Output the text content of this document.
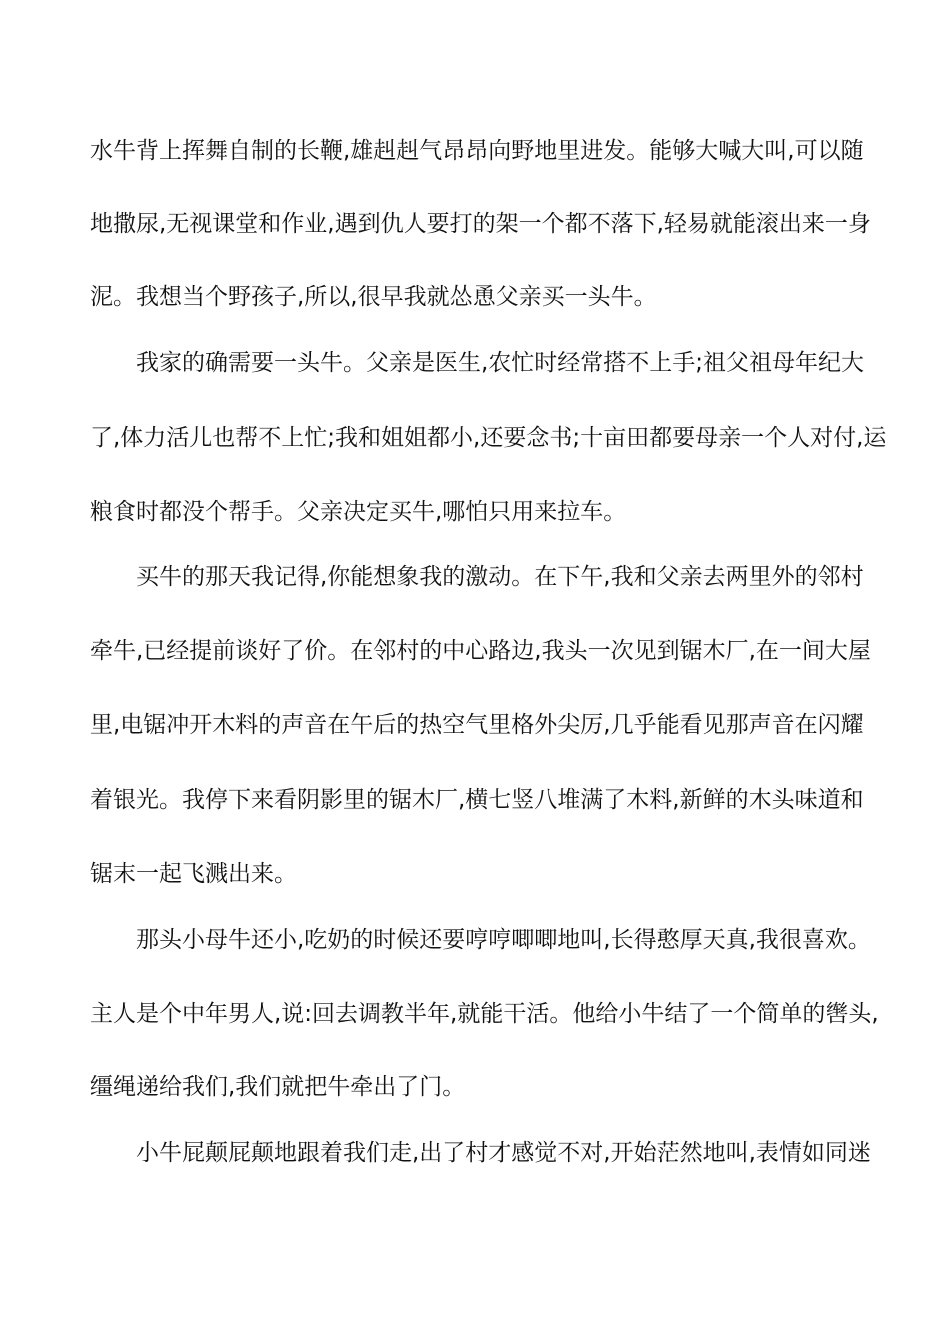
水牛背上挥舞自制的长鞭,雄赳赳气昂昂向野地里进发。能够大喊大叫,可以随
地撒尿,无视课堂和作业,遇到仇人要打的架一个都不落下,轻易就能滚出来一身
泥。我想当个野孩子,所以,很早我就怂恿父亲买一头牛。
我家的确需要一头牛。父亲是医生,农忙时经常搭不上手;祖父祖母年纪大
了,体力活儿也帮不上忙;我和姐姐都小,还要念书;十亩田都要母亲一个人对付,运
粮食时都没个帮手。父亲决定买牛,哪怕只用来拉车。
买牛的那天我记得,你能想象我的激动。在下午,我和父亲去两里外的邻村
牵牛,已经提前谈好了价。在邻村的中心路边,我头一次见到锯木厂,在一间大屋
里,电锯冲开木料的声音在午后的热空气里格外尖厉,几乎能看见那声音在闪耀
着银光。我停下来看阴影里的锯木厂,横七竖八堆满了木料,新鲜的木头味道和
锯末一起飞溅出来。
那头小母牛还小,吃奶的时候还要哼哼唧唧地叫,长得憨厚天真,我很喜欢。
主人是个中年男人,说:回去调教半年,就能干活。他给小牛结了一个简单的辔头,
缰绳递给我们,我们就把牛牵出了门。
小牛屁颠屁颠地跟着我们走,出了村才感觉不对,开始茫然地叫,表情如同迷
